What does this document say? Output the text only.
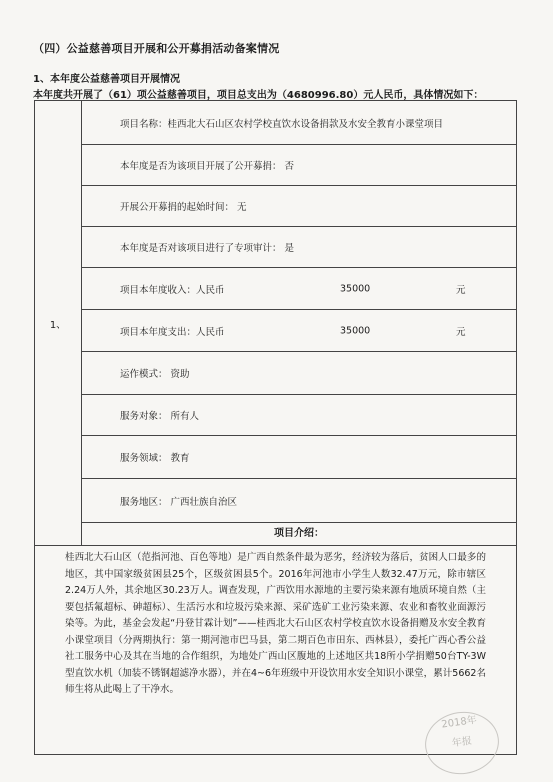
（四）公益慈善项目开展和公开募捐活动备案情况
1、本年度公益慈善项目开展情况
本年度共开展了（61）项公益慈善项目，项目总支出为（4680996.80）元人民币，具体情况如下：
1、	
项目名称：桂西北大石山区农村学校直饮水设备捐款及水安全教育小课堂项目

本年度是否为该项目开展了公开募捐： 否

开展公开募捐的起始时间： 无

本年度是否对该项目进行了专项审计： 是

项目本年度收入：人民币	35000	元

项目本年度支出：人民币	35000	元

运作模式： 资助

服务对象： 所有人

服务领域： 教育

服务地区： 广西壮族自治区

项目介绍：

桂西北大石山区（范指河池、百色等地）是广西自然条件最为恶劣，经济较为落后，贫困人口最多的地区，其中国家级贫困县25个，区级贫困县5个。2016年河池市小学生人数32.47万元，除市辖区2.24万人外，其余地区30.23万人。调查发现，广西饮用水源地的主要污染来源有地质环境自然（主要包括氟超标、砷超标）、生活污水和垃圾污染来源、采矿选矿工业污染来源、农业和畜牧业面源污染等。为此，基金会发起“丹登甘霖计划”——桂西北大石山区农村学校直饮水设备捐赠及水安全教育小课堂项目（分两期执行：第一期河池市巴马县，第二期百色市田东、西林县），委托广西心香公益社工服务中心及其在当地的合作组织，为地处广西山区腹地的上述地区共18所小学捐赠50台TY-3W型直饮水机（加装不锈钢超滤净水器），并在4~6年班级中开设饮用水安全知识小课堂，累计5662名师生将从此喝上了干净水。
2018年
年报
